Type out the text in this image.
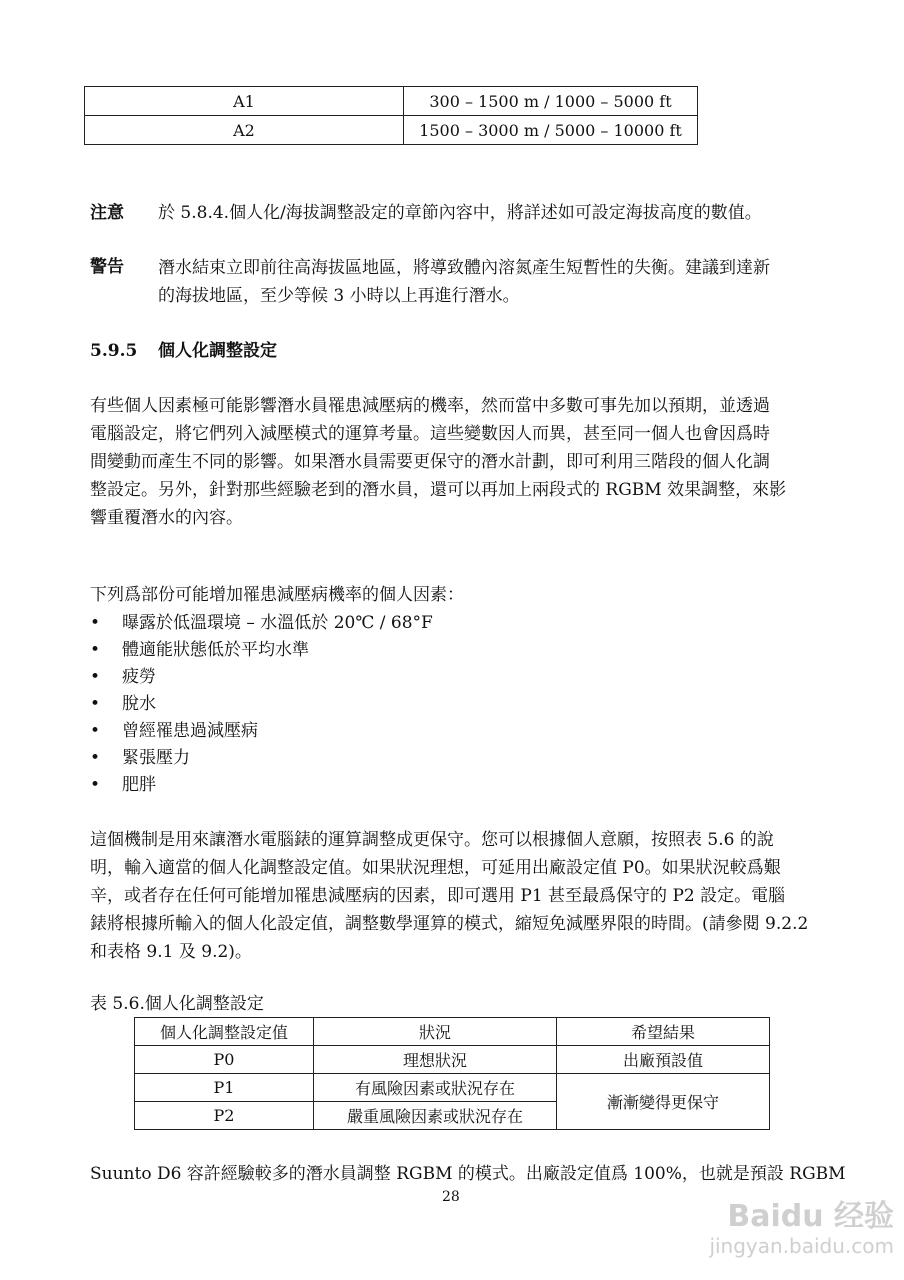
A1	300 – 1500 m / 1000 – 5000 ft
A2	1500 – 3000 m / 5000 – 10000 ft
注意 於 5.8.4.個人化/海拔調整設定的章節內容中，將詳述如可設定海拔高度的數值。
警告 潛水結束立即前往高海拔區地區，將導致體內溶氮產生短暫性的失衡。建議到達新
的海拔地區，至少等候 3 小時以上再進行潛水。
5.9.5 個人化調整設定
有些個人因素極可能影響潛水員罹患減壓病的機率，然而當中多數可事先加以預期，並透過
電腦設定，將它們列入減壓模式的運算考量。這些變數因人而異，甚至同一個人也會因爲時
間變動而產生不同的影響。如果潛水員需要更保守的潛水計劃，即可利用三階段的個人化調
整設定。另外，針對那些經驗老到的潛水員，還可以再加上兩段式的 RGBM 效果調整，來影
響重覆潛水的內容。
下列爲部份可能增加罹患減壓病機率的個人因素：
• 曝露於低溫環境 – 水溫低於 20℃ / 68°F
• 體適能狀態低於平均水準
• 疲勞
• 脫水
• 曾經罹患過減壓病
• 緊張壓力
• 肥胖
這個機制是用來讓潛水電腦錶的運算調整成更保守。您可以根據個人意願，按照表 5.6 的說
明，輸入適當的個人化調整設定值。如果狀況理想，可延用出廠設定值 P0。如果狀況較爲艱
辛，或者存在任何可能增加罹患減壓病的因素，即可選用 P1 甚至最爲保守的 P2 設定。電腦
錶將根據所輸入的個人化設定值，調整數學運算的模式，縮短免減壓界限的時間。(請參閱 9.2.2
和表格 9.1 及 9.2)。
表 5.6.個人化調整設定
個人化調整設定值	狀況	希望結果
P0	理想狀況	出廠預設值
P1	有風險因素或狀況存在	漸漸變得更保守
P2	嚴重風險因素或狀況存在	
Suunto D6 容許經驗較多的潛水員調整 RGBM 的模式。出廠設定值爲 100%，也就是預設 RGBM
28
Baidu 经验
jingyan.baidu.com
